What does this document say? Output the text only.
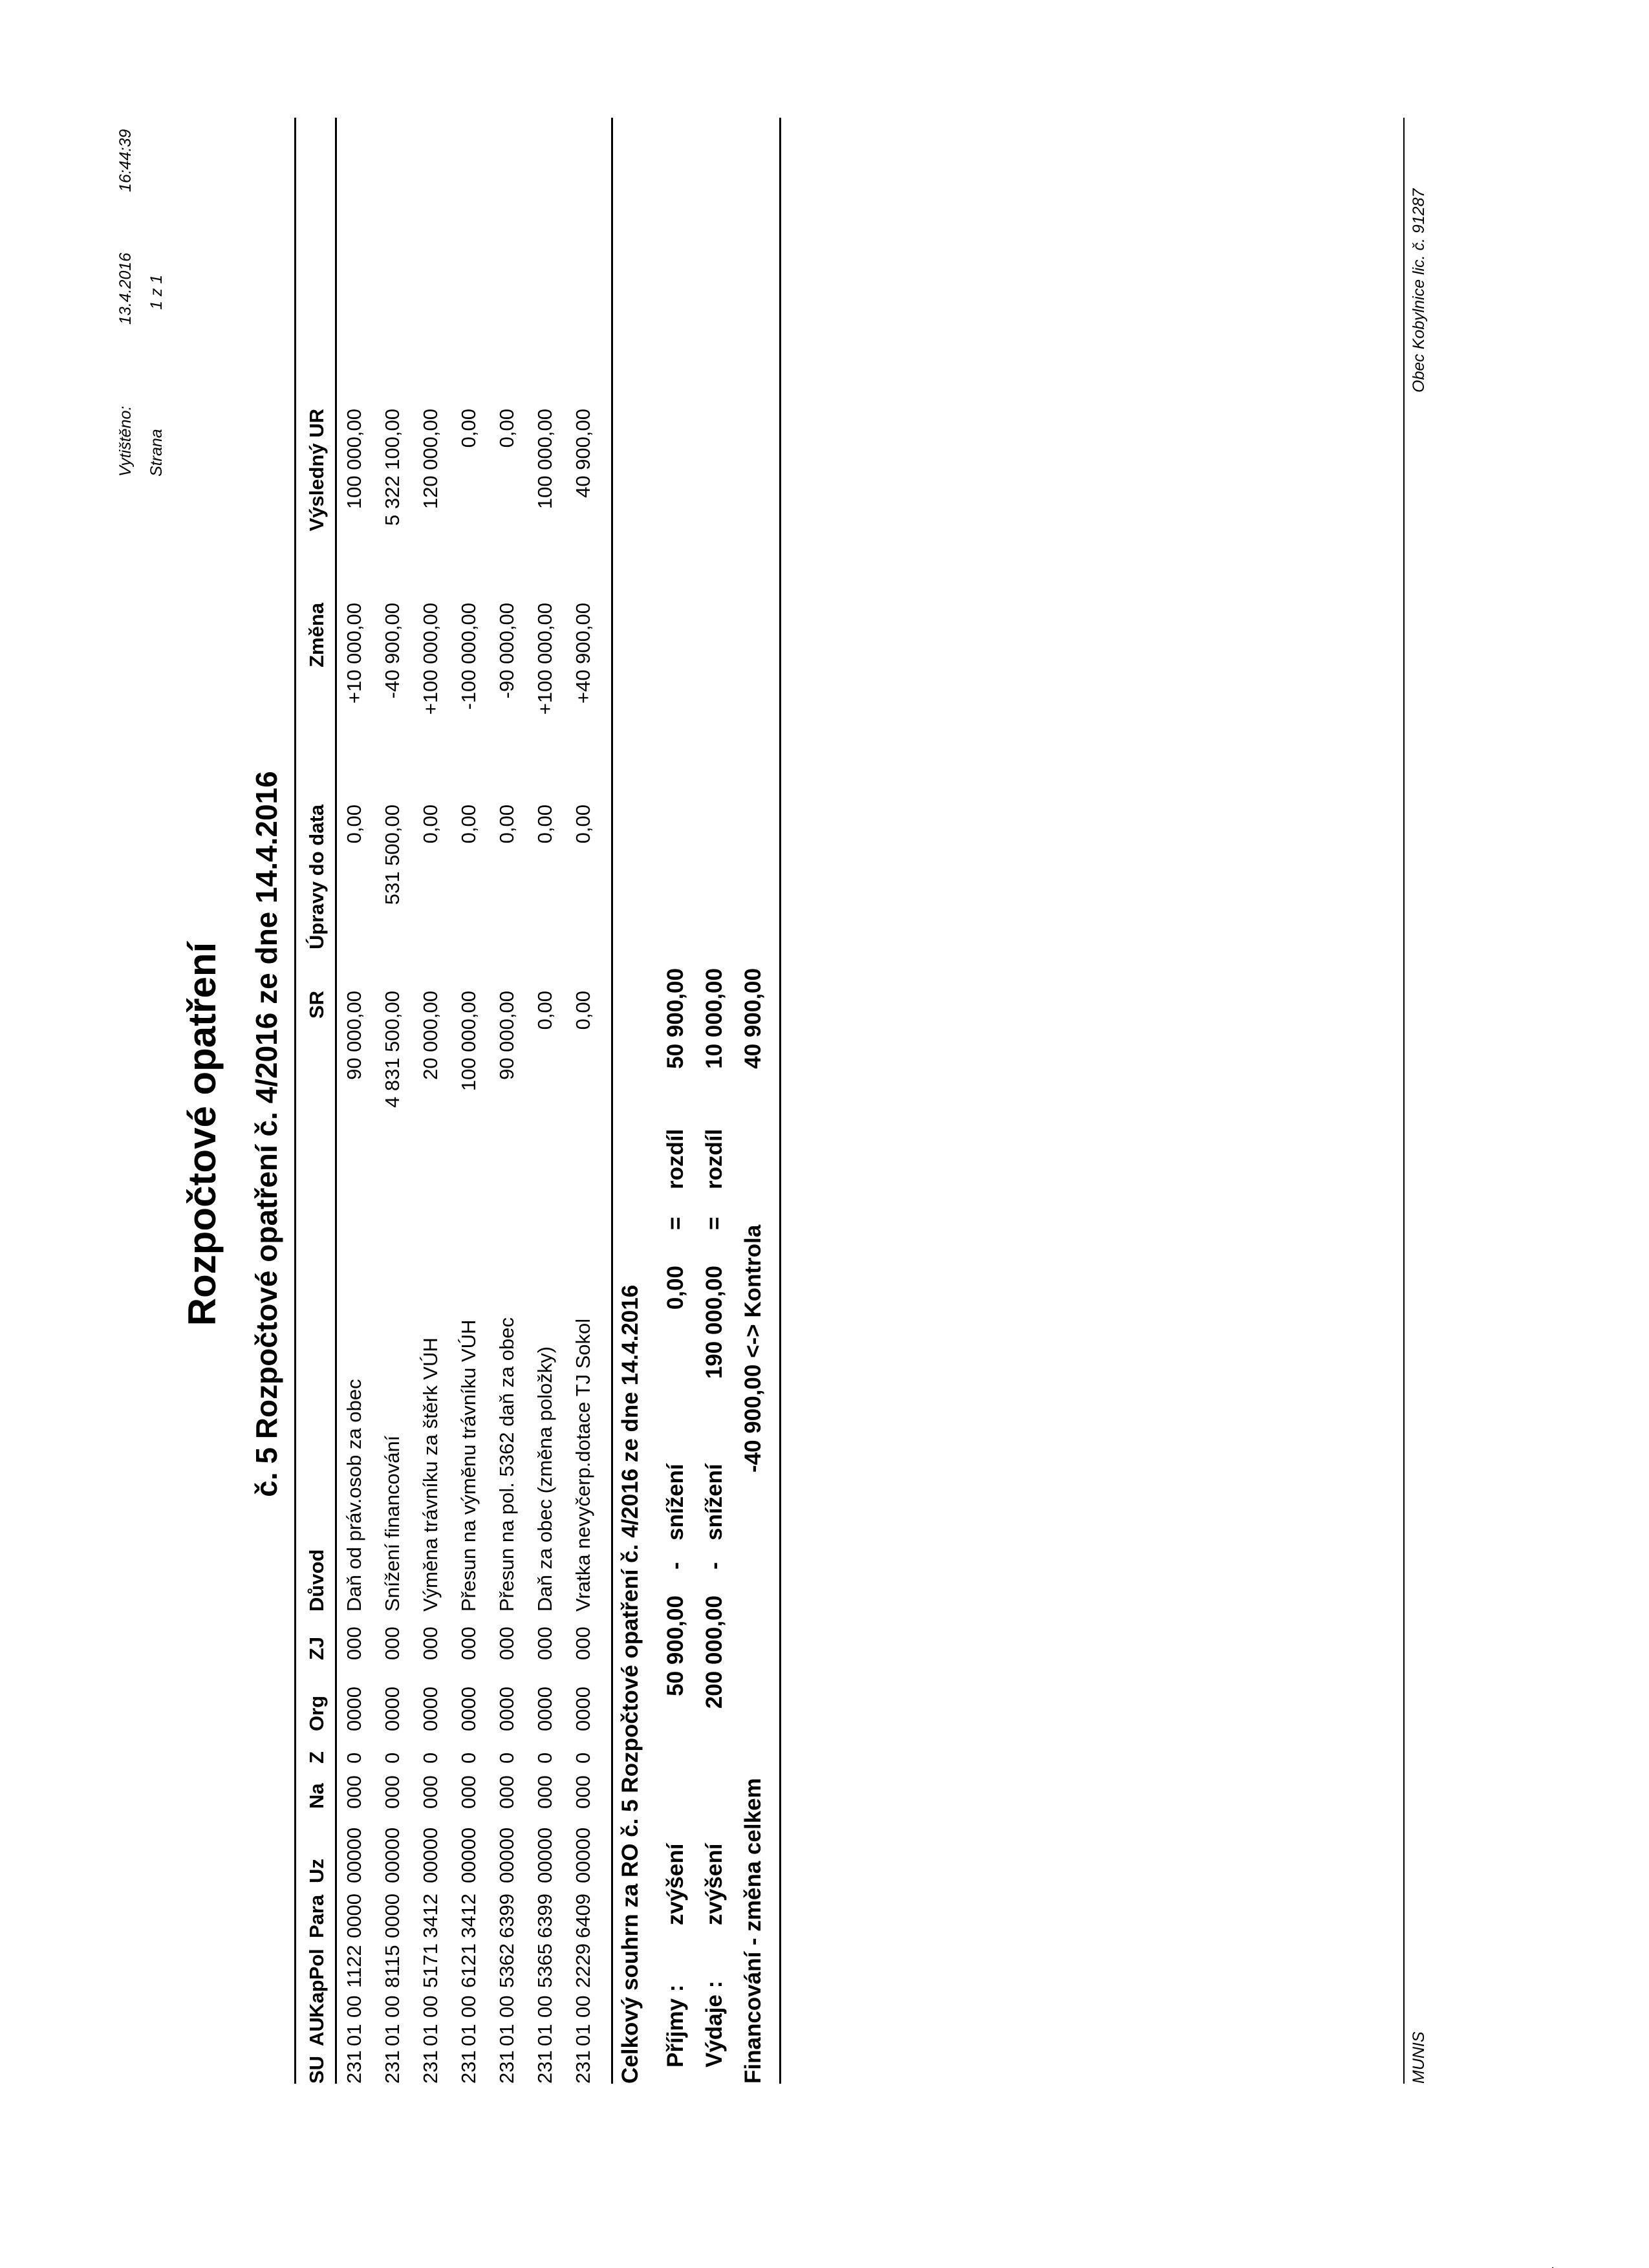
Vytištěno:
13.4.2016
16:44:39
Strana
1 z 1
Rozpočtové opatření č. 5 Rozpočtové opatření č. 4/2016 ze dne 14.4.2016
SU
AU
KapPol
Para
Uz
Na
Z
Org
ZJ
Důvod
SR
Úpravy do data
Změna
Výsledný UR
231
01
00
1122
0000
00000
000
0
0000
000
Daň od práv.osob za obec
90 000,00
0,00
+10 000,00
100 000,00
231
01
00
8115
0000
00000
000
0
0000
000
Snížení financování
4 831 500,00
531 500,00
-40 900,00
5 322 100,00
231
01
00
5171
3412
00000
000
0
0000
000
Výměna trávníku za štěrk VÚH
20 000,00
0,00
+100 000,00
120 000,00
231
01
00
6121
3412
00000
000
0
0000
000
Přesun na výměnu trávníku VÚH
100 000,00
0,00
-100 000,00
0,00
231
01
00
5362
6399
00000
000
0
0000
000
Přesun na pol. 5362 daň za obec
90 000,00
0,00
-90 000,00
0,00
231
01
00
5365
6399
00000
000
0
0000
000
Daň za obec (změna položky)
0,00
0,00
+100 000,00
100 000,00
231
01
00
2229
6409
00000
000
0
0000
000
Vratka nevyčerp.dotace TJ Sokol
0,00
0,00
+40 900,00
40 900,00
Celkový souhrn za RO č. 5 Rozpočtové opatření č. 4/2016 ze dne 14.4.2016 Příjmy :
zvýšení
50 900,00
-
snížení
0,00
=
rozdíl
50 900,00
Výdaje :
zvýšení
200 000,00
-
snížení
190 000,00
=
rozdíl
10 000,00
Financování - změna celkem
-40 900,00 <-> Kontrola
40 900,00
MUNIS
Obec Kobylnice lic. č. 91287
